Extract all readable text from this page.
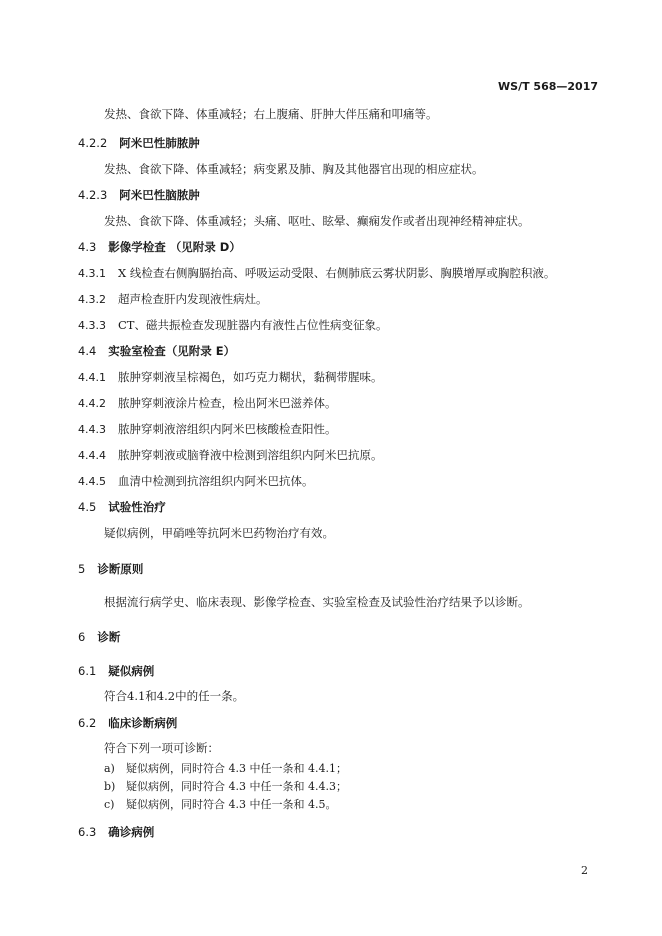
WS/T 568—2017
发热、食欲下降、体重减轻；右上腹痛、肝肿大伴压痛和叩痛等。
4.2.2 阿米巴性肺脓肿
发热、食欲下降、体重减轻；病变累及肺、胸及其他器官出现的相应症状。
4.2.3 阿米巴性脑脓肿
发热、食欲下降、体重减轻；头痛、呕吐、眩晕、癫痫发作或者出现神经精神症状。
4.3 影像学检查 （见附录 D）
4.3.1 X 线检查右侧胸膈抬高、呼吸运动受限、右侧肺底云雾状阴影、胸膜增厚或胸腔积液。
4.3.2 超声检查肝内发现液性病灶。
4.3.3 CT、磁共振检查发现脏器内有液性占位性病变征象。
4.4 实验室检查（见附录 E）
4.4.1 脓肿穿刺液呈棕褐色，如巧克力糊状，黏稠带腥味。
4.4.2 脓肿穿刺液涂片检查，检出阿米巴滋养体。
4.4.3 脓肿穿刺液溶组织内阿米巴核酸检查阳性。
4.4.4 脓肿穿刺液或脑脊液中检测到溶组织内阿米巴抗原。
4.4.5 血清中检测到抗溶组织内阿米巴抗体。
4.5 试验性治疗
疑似病例，甲硝唑等抗阿米巴药物治疗有效。
5 诊断原则
根据流行病学史、临床表现、影像学检查、实验室检查及试验性治疗结果予以诊断。
6 诊断
6.1 疑似病例
符合4.1和4.2中的任一条。
6.2 临床诊断病例
符合下列一项可诊断：
a) 疑似病例，同时符合 4.3 中任一条和 4.4.1；
b) 疑似病例，同时符合 4.3 中任一条和 4.4.3；
c) 疑似病例，同时符合 4.3 中任一条和 4.5。
6.3 确诊病例
2
